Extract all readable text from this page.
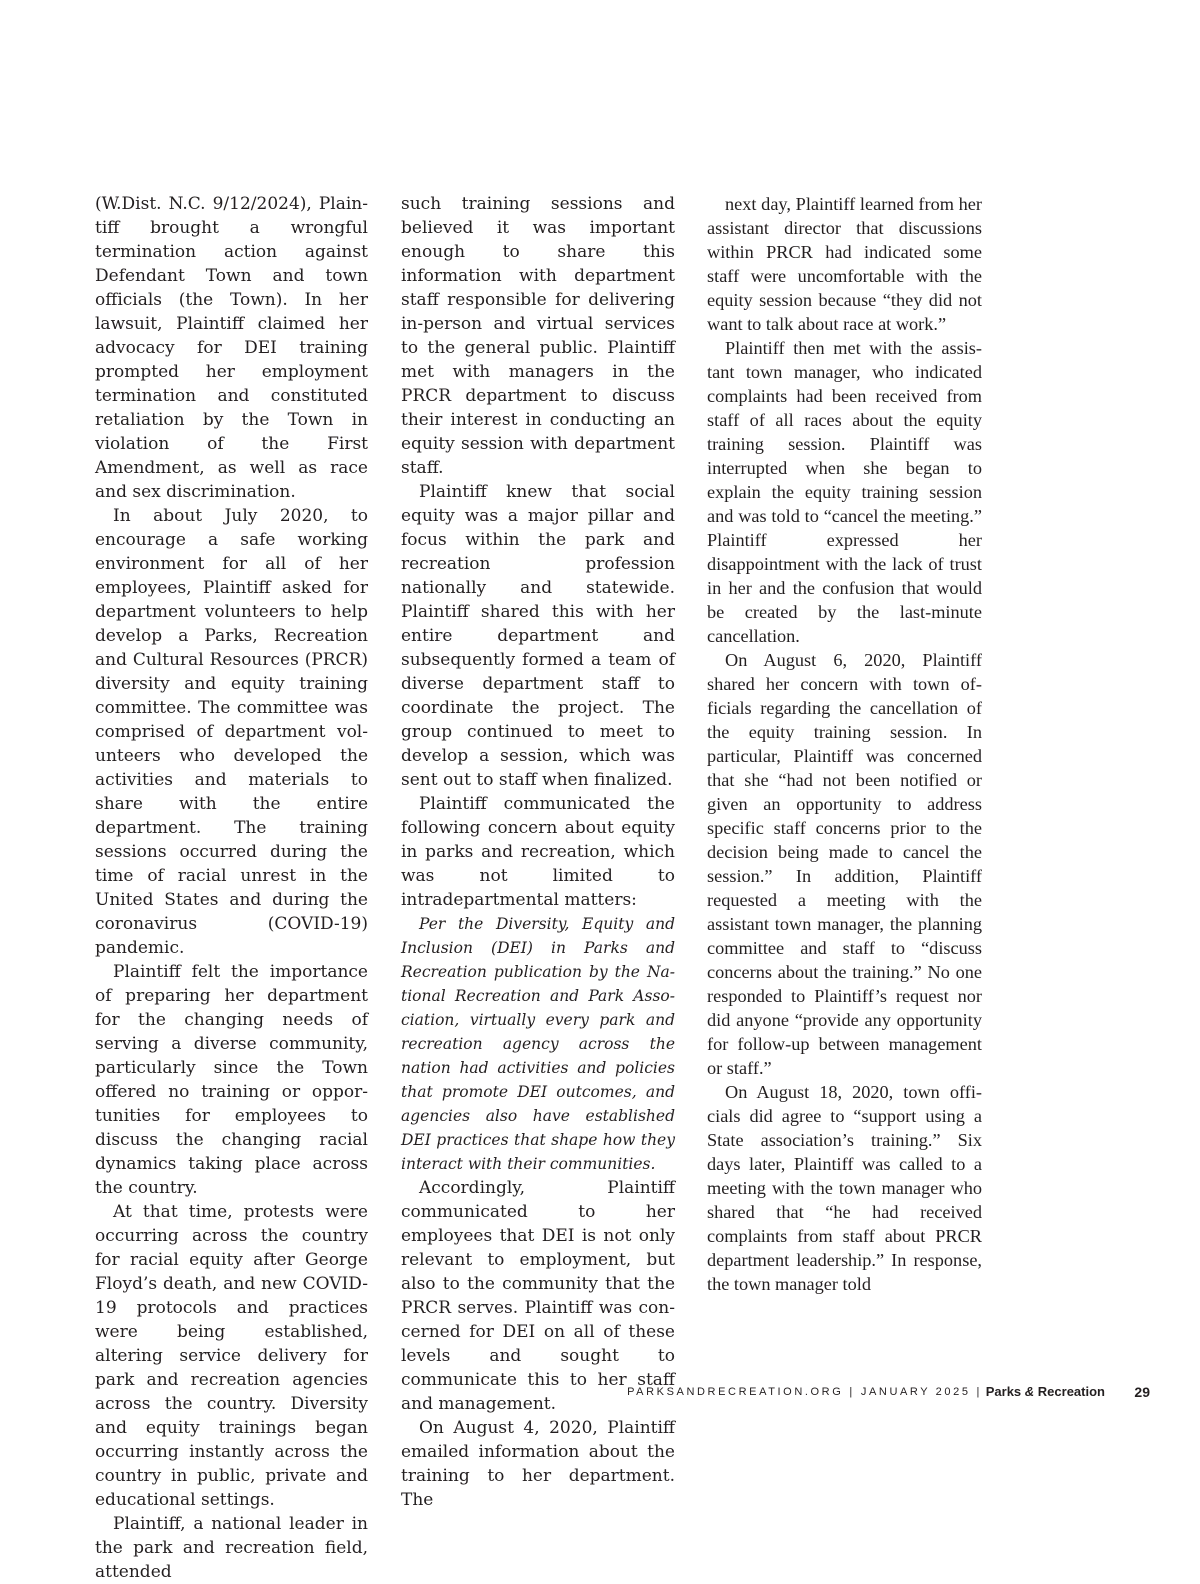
(W.Dist. N.C. 9/12/2024), Plaintiff brought a wrongful termination action against Defendant Town and town officials (the Town). In her lawsuit, Plaintiff claimed her advocacy for DEI training prompted her employment termination and constituted retaliation by the Town in violation of the First Amendment, as well as race and sex discrimination.

In about July 2020, to encourage a safe working environment for all of her employees, Plaintiff asked for department volunteers to help develop a Parks, Recreation and Cultural Resources (PRCR) diversity and equity training committee. The committee was comprised of department volunteers who developed the activities and materials to share with the entire department. The training sessions occurred during the time of racial unrest in the United States and during the coronavirus (COVID-19) pandemic.

Plaintiff felt the importance of preparing her department for the changing needs of serving a diverse community, particularly since the Town offered no training or opportunities for employees to discuss the changing racial dynamics taking place across the country.

At that time, protests were occurring across the country for racial equity after George Floyd’s death, and new COVID-19 protocols and practices were being established, altering service delivery for park and recreation agencies across the country. Diversity and equity trainings began occurring instantly across the country in public, private and educational settings.

Plaintiff, a national leader in the park and recreation field, attended

such training sessions and believed it was important enough to share this information with department staff responsible for delivering in-person and virtual services to the general public. Plaintiff met with managers in the PRCR department to discuss their interest in conducting an equity session with department staff.

Plaintiff knew that social equity was a major pillar and focus within the park and recreation profession nationally and statewide. Plaintiff shared this with her entire department and subsequently formed a team of diverse department staff to coordinate the project. The group continued to meet to develop a session, which was sent out to staff when finalized.

Plaintiff communicated the following concern about equity in parks and recreation, which was not limited to intradepartmental matters:

Per the Diversity, Equity and Inclusion (DEI) in Parks and Recreation publication by the National Recreation and Park Association, virtually every park and recreation agency across the nation had activities and policies that promote DEI outcomes, and agencies also have established DEI practices that shape how they interact with their communities.

Accordingly, Plaintiff communicated to her employees that DEI is not only relevant to employment, but also to the community that the PRCR serves. Plaintiff was concerned for DEI on all of these levels and sought to communicate this to her staff and management.

On August 4, 2020, Plaintiff emailed information about the training to her department. The

next day, Plaintiff learned from her assistant director that discussions within PRCR had indicated some staff were uncomfortable with the equity session because “they did not want to talk about race at work.”

Plaintiff then met with the assistant town manager, who indicated complaints had been received from staff of all races about the equity training session. Plaintiff was interrupted when she began to explain the equity training session and was told to “cancel the meeting.” Plaintiff expressed her disappointment with the lack of trust in her and the confusion that would be created by the last-minute cancellation.

On August 6, 2020, Plaintiff shared her concern with town officials regarding the cancellation of the equity training session. In particular, Plaintiff was concerned that she “had not been notified or given an opportunity to address specific staff concerns prior to the decision being made to cancel the session.” In addition, Plaintiff requested a meeting with the assistant town manager, the planning committee and staff to “discuss concerns about the training.” No one responded to Plaintiff’s request nor did anyone “provide any opportunity for follow-up between management or staff.”

On August 18, 2020, town officials did agree to “support using a State association’s training.” Six days later, Plaintiff was called to a meeting with the town manager who shared that “he had received complaints from staff about PRCR department leadership.” In response, the town manager told

PARKSANDRECREATION.ORG | JANUARY 2025 | Parks & Recreation 29
